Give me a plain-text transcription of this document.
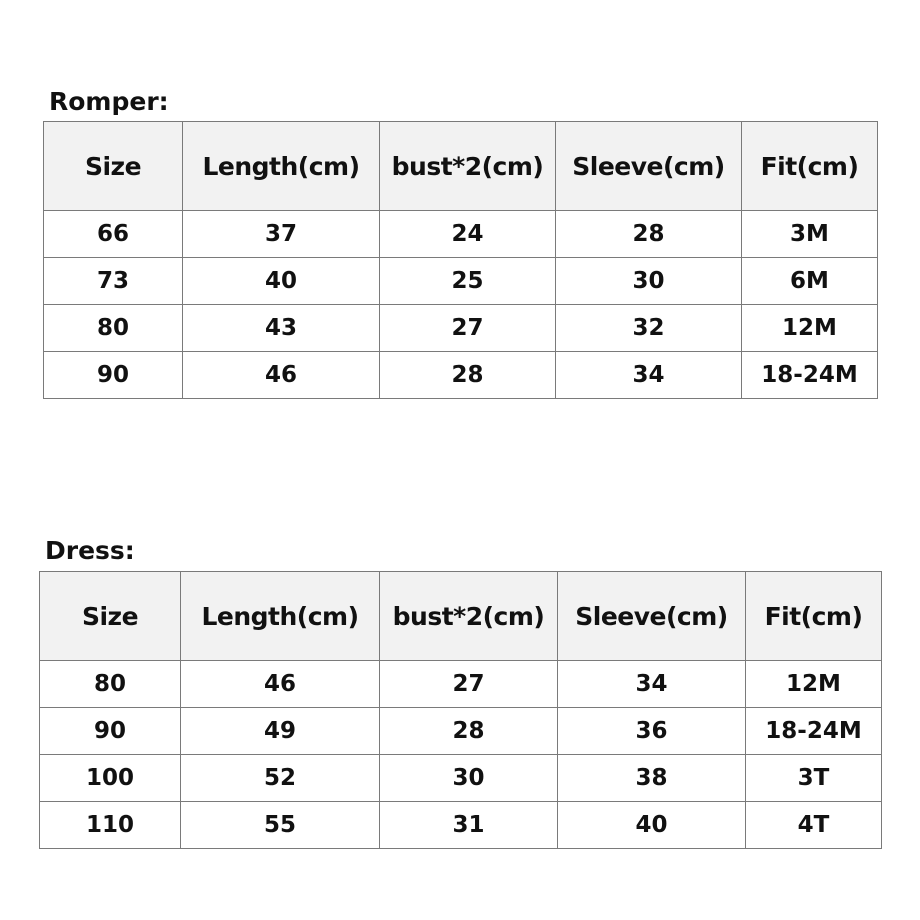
Romper:
Size	Length(cm)	bust*2(cm)	Sleeve(cm)	Fit(cm)
66	37	24	28	3M
73	40	25	30	6M
80	43	27	32	12M
90	46	28	34	18-24M
Dress:
Size	Length(cm)	bust*2(cm)	Sleeve(cm)	Fit(cm)
80	46	27	34	12M
90	49	28	36	18-24M
100	52	30	38	3T
110	55	31	40	4T
